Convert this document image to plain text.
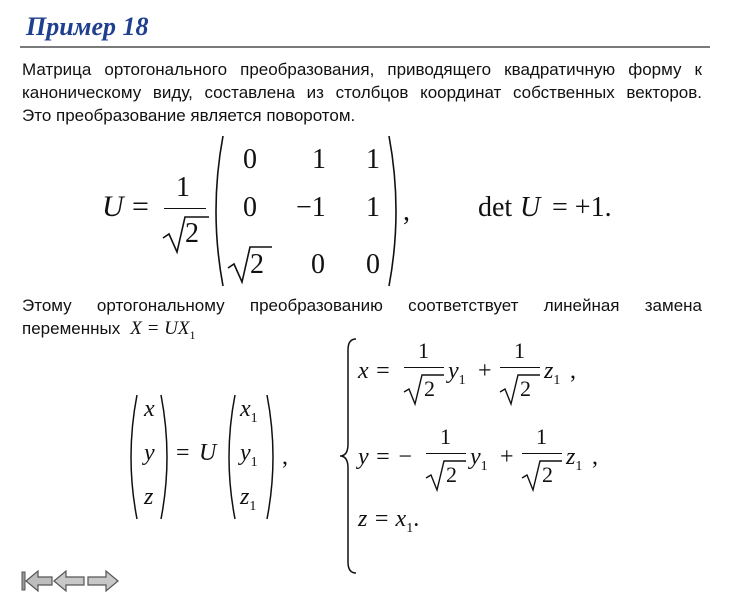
Пример 18
Матрица ортогонального преобразования, приводящего квадратичную форму к
каноническому виду, составлена из столбцов координат собственных векторов.
Это преобразование является поворотом.
U =
1
2
0 1 1
0 −1 1
2 0 0
, det U = +1.
Этому ортогональному преобразованию соответствует линейная замена
переменных $X = UX_1$
x
y
z
= U
$x_1$
$y_1$
$z_1$
,
x =
1
2
$y_1$ +
1
2
$z_1$ ,
y = −
1
2
$y_1$ +
1
2
$z_1$ ,
$z = x_1$.
